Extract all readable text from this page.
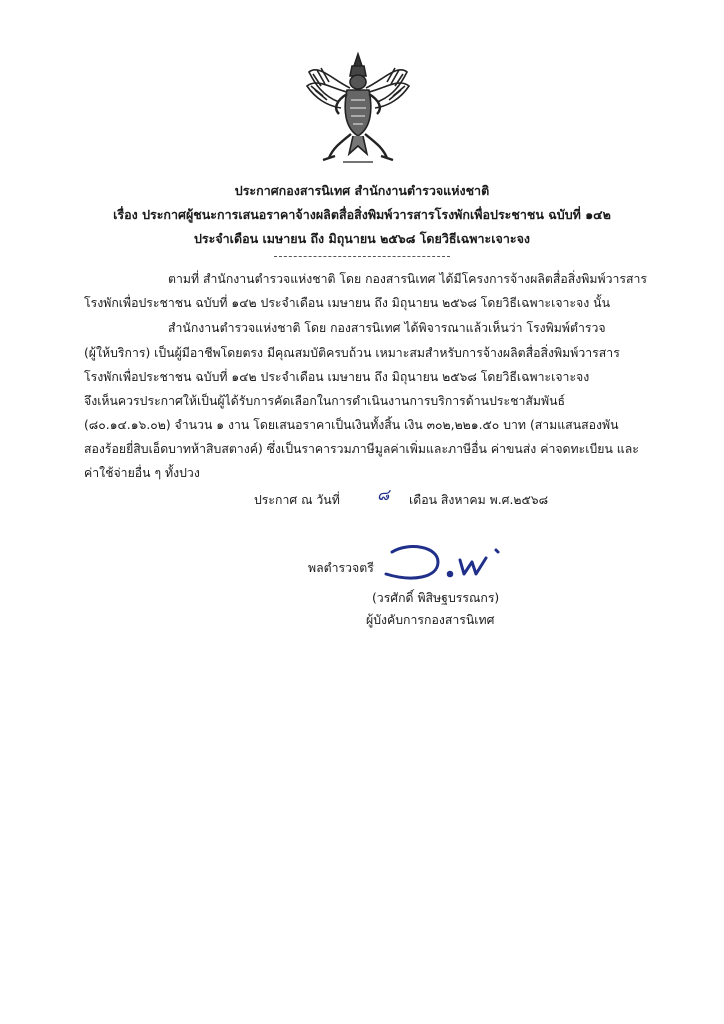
ประกาศกองสารนิเทศ สำนักงานตำรวจแห่งชาติ
เรื่อง ประกาศผู้ชนะการเสนอราคาจ้างผลิตสื่อสิ่งพิมพ์วารสารโรงพักเพื่อประชาชน ฉบับที่ ๑๔๒
ประจำเดือน เมษายน ถึง มิถุนายน ๒๕๖๘ โดยวิธีเฉพาะเจาะจง
ตามที่ สำนักงานตำรวจแห่งชาติ โดย กองสารนิเทศ ได้มีโครงการจ้างผลิตสื่อสิ่งพิมพ์วารสาร
โรงพักเพื่อประชาชน ฉบับที่ ๑๔๒ ประจำเดือน เมษายน ถึง มิถุนายน ๒๕๖๘ โดยวิธีเฉพาะเจาะจง นั้น
สำนักงานตำรวจแห่งชาติ โดย กองสารนิเทศ ได้พิจารณาแล้วเห็นว่า โรงพิมพ์ตำรวจ
(ผู้ให้บริการ) เป็นผู้มีอาชีพโดยตรง มีคุณสมบัติครบถ้วน เหมาะสมสำหรับการจ้างผลิตสื่อสิ่งพิมพ์วารสาร
โรงพักเพื่อประชาชน ฉบับที่ ๑๔๒ ประจำเดือน เมษายน ถึง มิถุนายน ๒๕๖๘ โดยวิธีเฉพาะเจาะจง
จึงเห็นควรประกาศให้เป็นผู้ได้รับการคัดเลือกในการดำเนินงานการบริการด้านประชาสัมพันธ์
(๘๐.๑๔.๑๖.๐๒) จำนวน ๑ งาน โดยเสนอราคาเป็นเงินทั้งสิ้น เงิน ๓๐๒,๒๒๑.๕๐ บาท (สามแสนสองพัน
สองร้อยยี่สิบเอ็ดบาทห้าสิบสตางค์) ซึ่งเป็นราคารวมภาษีมูลค่าเพิ่มและภาษีอื่น ค่าขนส่ง ค่าจดทะเบียน และ
ค่าใช้จ่ายอื่น ๆ ทั้งปวง
ประกาศ ณ วันที่ ๘ เดือน สิงหาคม พ.ศ.๒๕๖๘
พลตำรวจตรี
(วรศักดิ์ พิสิษฐบรรณกร)
ผู้บังคับการกองสารนิเทศ
